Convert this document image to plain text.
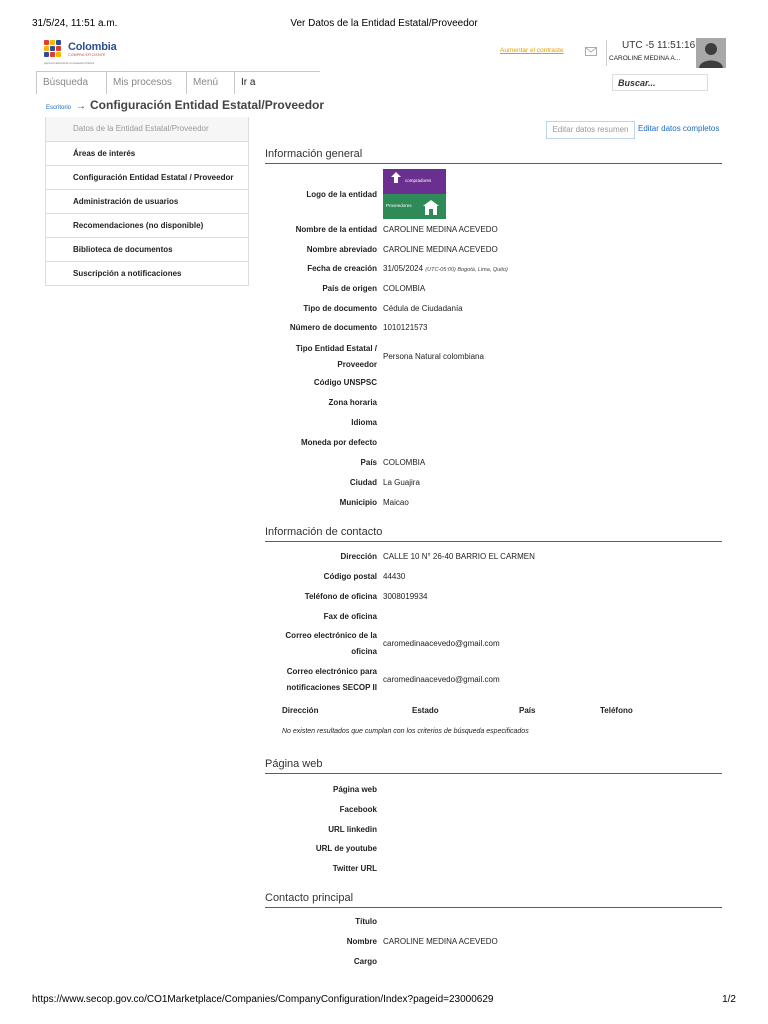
31/5/24, 11:51 a.m.	Ver Datos de la Entidad Estatal/Proveedor
Colombia
COMPRA EFICIENTE
Agencia Nacional de Contratación Pública
Aumentar el contraste	UTC -5 11:51:16
CAROLINE MEDINA A...
Búsqueda	Mis procesos	Menú	Ir a
Buscar...
Escritorio → Configuración Entidad Estatal/Proveedor
Datos de la Entidad Estatal/Proveedor
Áreas de interés
Configuración Entidad Estatal / Proveedor
Administración de usuarios
Recomendaciones (no disponible)
Biblioteca de documentos
Suscripción a notificaciones
Editar datos resumen	Editar datos completos
Información general
Logo de la entidad
compradores
Proveedores
Nombre de la entidad CAROLINE MEDINA ACEVEDO
Nombre abreviado CAROLINE MEDINA ACEVEDO
Fecha de creación 31/05/2024 (UTC-05:00) Bogotá, Lima, Quito)
País de origen COLOMBIA
Tipo de documento Cédula de Ciudadanía
Número de documento 1010121573
Tipo Entidad Estatal /
Proveedor
Persona Natural colombiana
Código UNSPSC
Zona horaria
Idioma
Moneda por defecto
País COLOMBIA
Ciudad La Guajira
Municipio Maicao
Información de contacto
Dirección CALLE 10 N° 26-40 BARRIO EL CARMEN
Código postal 44430
Teléfono de oficina 3008019934
Fax de oficina
Correo electrónico de la
oficina
caromedinaacevedo@gmail.com
Correo electrónico para
notificaciones SECOP II
caromedinaacevedo@gmail.com
Dirección	Estado	País	Teléfono
No existen resultados que cumplan con los criterios de búsqueda especificados
Página web
Página web
Facebook
URL linkedin
URL de youtube
Twitter URL
Contacto principal
Título
Nombre CAROLINE MEDINA ACEVEDO
Cargo
https://www.secop.gov.co/CO1Marketplace/Companies/CompanyConfiguration/Index?pageid=23000629	1/2
